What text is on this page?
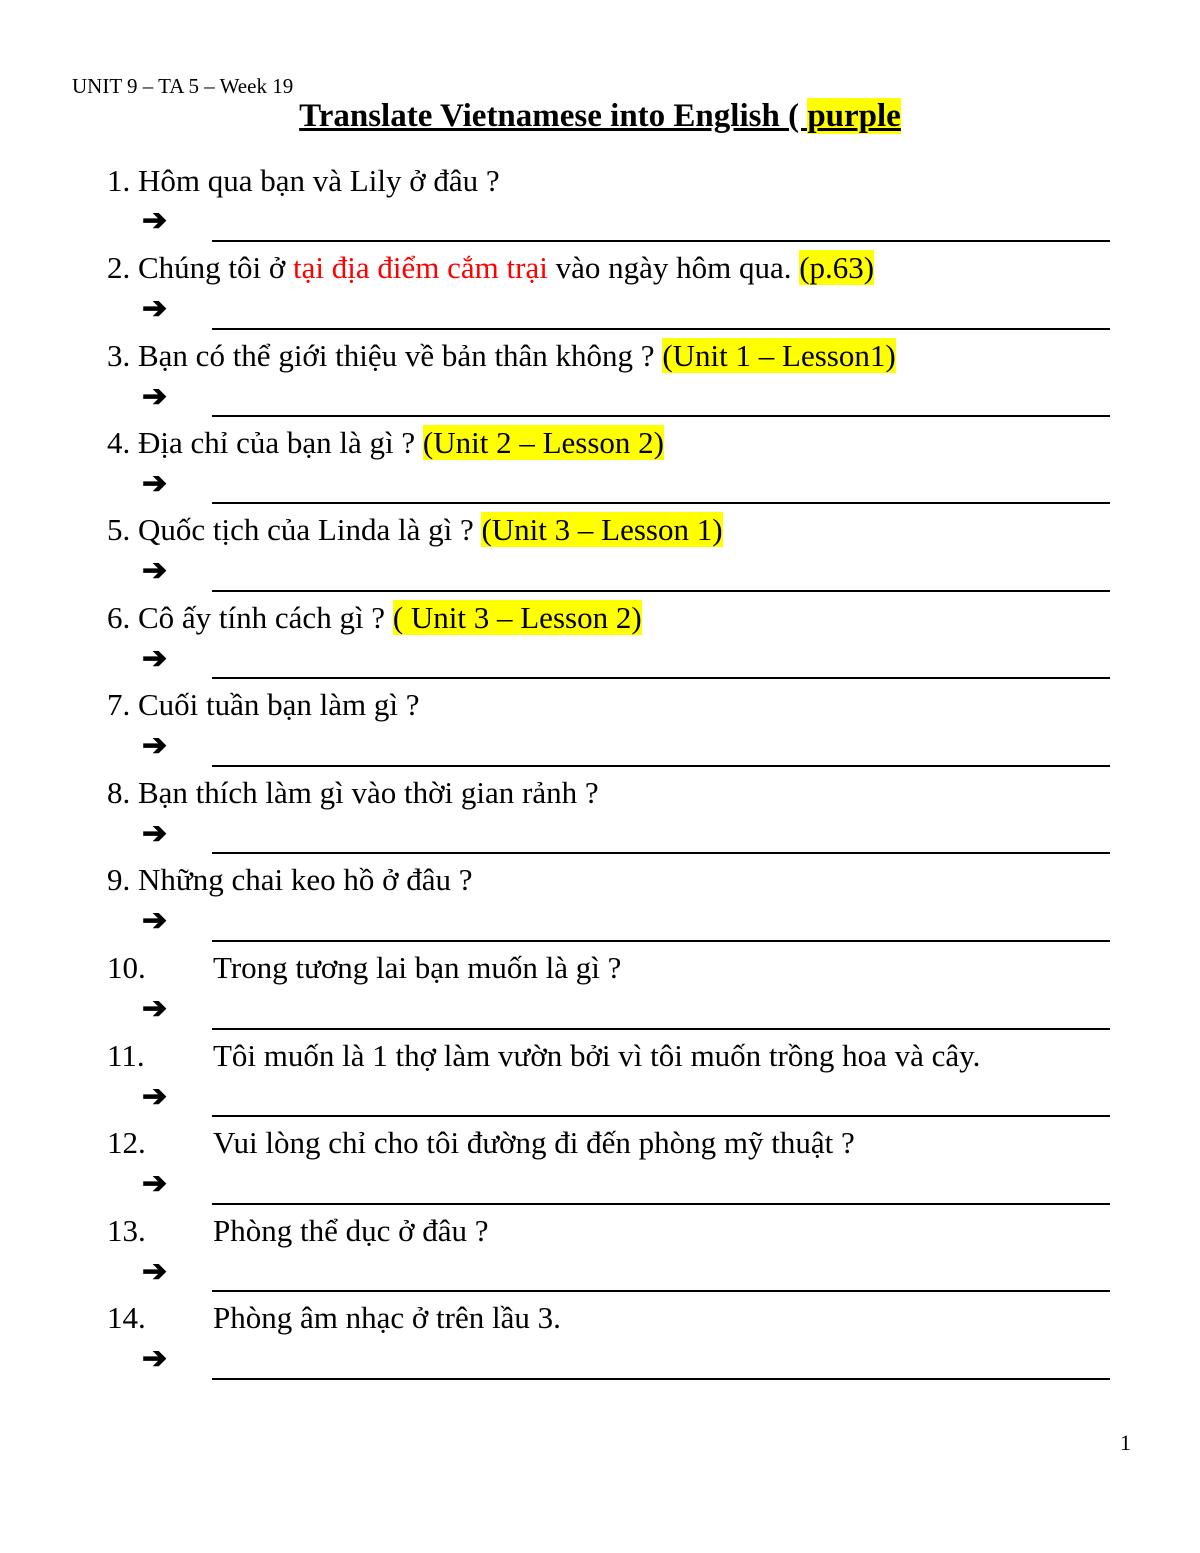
UNIT 9 – TA 5 – Week 19
Translate Vietnamese into English ( purple
1. Hôm qua bạn và Lily ở đâu ?
➔
2. Chúng tôi ở tại địa điểm cắm trại vào ngày hôm qua. (p.63)
➔
3. Bạn có thể giới thiệu về bản thân không ? (Unit 1 – Lesson1)
➔
4. Địa chỉ của bạn là gì ? (Unit 2 – Lesson 2)
➔
5. Quốc tịch của Linda là gì ? (Unit 3 – Lesson 1)
➔
6. Cô ấy tính cách gì ? ( Unit 3 – Lesson 2)
➔
7. Cuối tuần bạn làm gì ?
➔
8. Bạn thích làm gì vào thời gian rảnh ?
➔
9. Những chai keo hồ ở đâu ?
➔
10. Trong tương lai bạn muốn là gì ?
➔
11. Tôi muốn là 1 thợ làm vườn bởi vì tôi muốn trồng hoa và cây.
➔
12. Vui lòng chỉ cho tôi đường đi đến phòng mỹ thuật ?
➔
13. Phòng thể dục ở đâu ?
➔
14. Phòng âm nhạc ở trên lầu 3.
➔
1
